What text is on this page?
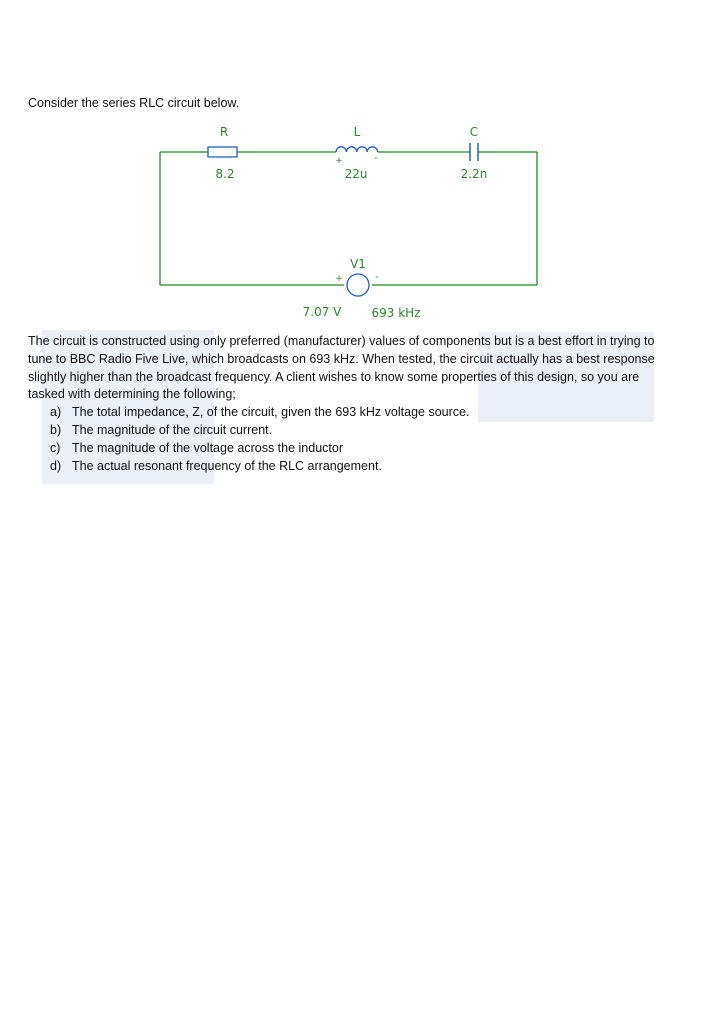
Consider the series RLC circuit below.
R
8.2
L
22u
+	-
C
2.2n
V1
+	-
7.07 V	693 kHz

The circuit is constructed using only preferred (manufacturer) values of components but is a best effort in trying to tune to BBC Radio Five Live, which broadcasts on 693 kHz. When tested, the circuit actually has a best response slightly higher than the broadcast frequency. A client wishes to know some properties of this design, so you are tasked with determining the following;

a) The total impedance, Z, of the circuit, given the 693 kHz voltage source.
b) The magnitude of the circuit current.
c) The magnitude of the voltage across the inductor
d) The actual resonant frequency of the RLC arrangement.
